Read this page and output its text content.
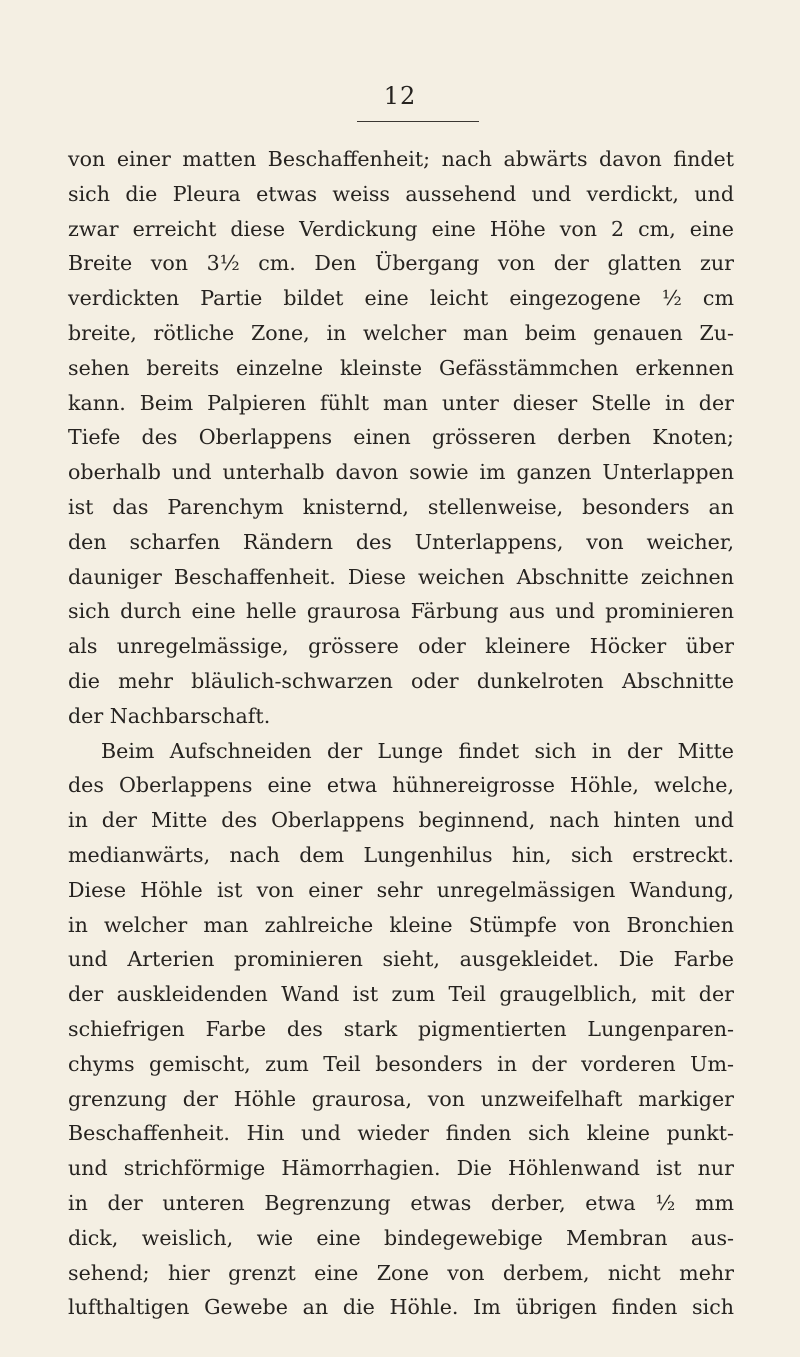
12
von einer matten Beschaffenheit; nach abwärts davon findet
sich die Pleura etwas weiss aussehend und verdickt, und
zwar erreicht diese Verdickung eine Höhe von 2 cm, eine
Breite von 3½ cm. Den Übergang von der glatten zur
verdickten Partie bildet eine leicht eingezogene ½ cm
breite, rötliche Zone, in welcher man beim genauen Zu-
sehen bereits einzelne kleinste Gefässtämmchen erkennen
kann. Beim Palpieren fühlt man unter dieser Stelle in der
Tiefe des Oberlappens einen grösseren derben Knoten;
oberhalb und unterhalb davon sowie im ganzen Unterlappen
ist das Parenchym knisternd, stellenweise, besonders an
den scharfen Rändern des Unterlappens, von weicher,
dauniger Beschaffenheit. Diese weichen Abschnitte zeichnen
sich durch eine helle graurosa Färbung aus und prominieren
als unregelmässige, grössere oder kleinere Höcker über
die mehr bläulich-schwarzen oder dunkelroten Abschnitte
der Nachbarschaft.
Beim Aufschneiden der Lunge findet sich in der Mitte
des Oberlappens eine etwa hühnereigrosse Höhle, welche,
in der Mitte des Oberlappens beginnend, nach hinten und
medianwärts, nach dem Lungenhilus hin, sich erstreckt.
Diese Höhle ist von einer sehr unregelmässigen Wandung,
in welcher man zahlreiche kleine Stümpfe von Bronchien
und Arterien prominieren sieht, ausgekleidet. Die Farbe
der auskleidenden Wand ist zum Teil graugelblich, mit der
schiefrigen Farbe des stark pigmentierten Lungenparen-
chyms gemischt, zum Teil besonders in der vorderen Um-
grenzung der Höhle graurosa, von unzweifelhaft markiger
Beschaffenheit. Hin und wieder finden sich kleine punkt-
und strichförmige Hämorrhagien. Die Höhlenwand ist nur
in der unteren Begrenzung etwas derber, etwa ½ mm
dick, weislich, wie eine bindegewebige Membran aus-
sehend; hier grenzt eine Zone von derbem, nicht mehr
lufthaltigen Gewebe an die Höhle. Im übrigen finden sich
